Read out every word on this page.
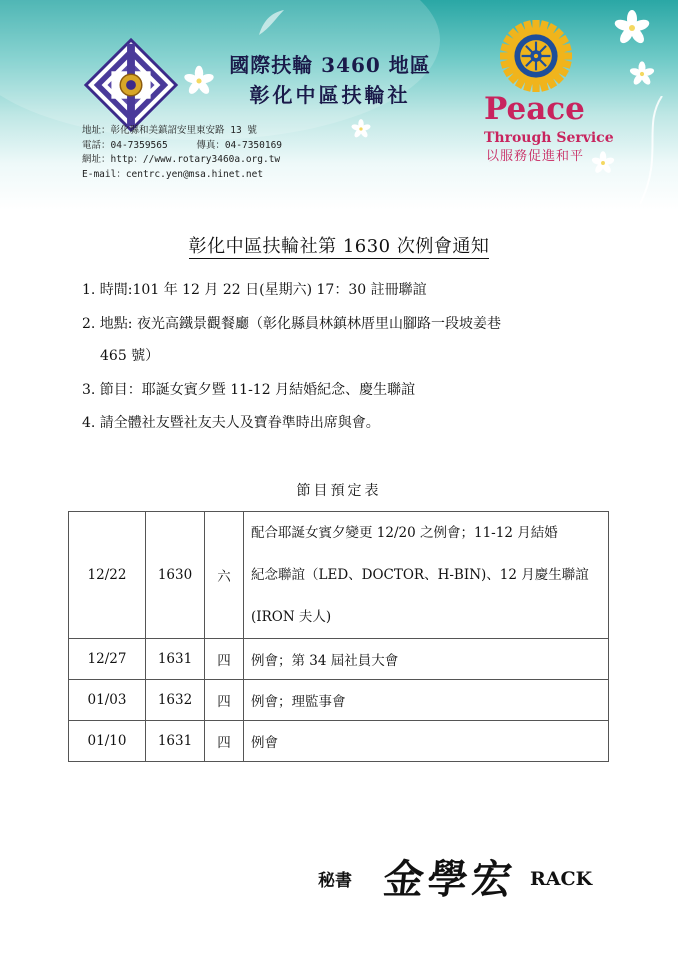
國際扶輪 3460 地區
彰化中區扶輪社
地址：彰化縣和美鎮詔安里東安路 13 號
電話：04-7359565	傳真：04-7350169
網址：http：//www.rotary3460a.org.tw
E-mail：centrc.yen@msa.hinet.net
Peace
Through Service
以服務促進和平
彰化中區扶輪社第 1630 次例會通知
1. 時間:101 年 12 月 22 日(星期六) 17：30 註冊聯誼
2. 地點: 夜光高鐵景觀餐廳（彰化縣員林鎮林厝里山腳路一段坡姜巷
465 號）
3. 節目：耶誕女賓夕暨 11-12 月結婚紀念、慶生聯誼
4. 請全體社友暨社友夫人及寶眷準時出席與會。
節目預定表
12/22	1630	六	配合耶誕女賓夕變更 12/20 之例會；11-12 月結婚
紀念聯誼（LED、DOCTOR、H-BIN)、12 月慶生聯誼
(IRON 夫人)

12/27	1631	四	例會；第 34 屆社員大會
01/03	1632	四	例會；理監事會
01/10	1631	四	例會
秘書 金學宏 RACK
